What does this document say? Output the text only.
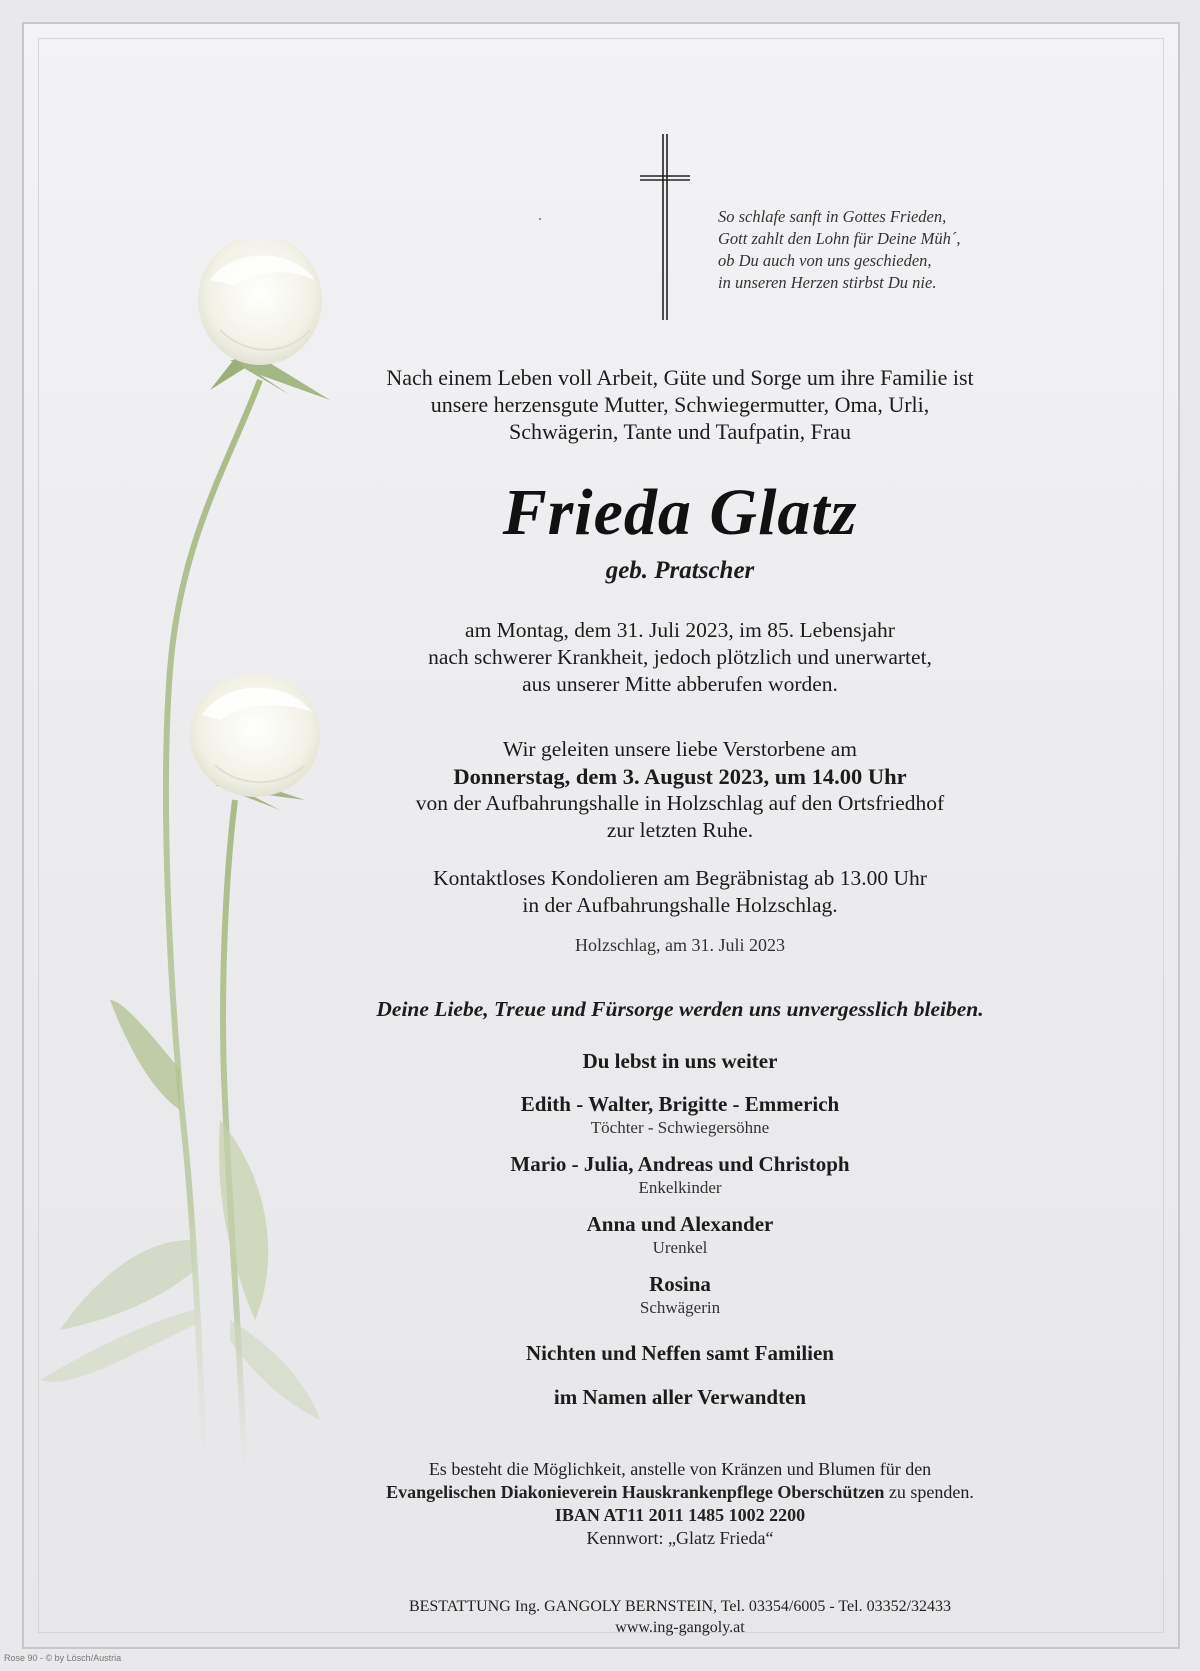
So schlafe sanft in Gottes Frieden,
Gott zahlt den Lohn für Deine Müh´,
ob Du auch von uns geschieden,
in unseren Herzen stirbst Du nie.
Nach einem Leben voll Arbeit, Güte und Sorge um ihre Familie ist
unsere herzensgute Mutter, Schwiegermutter, Oma, Urli,
Schwägerin, Tante und Taufpatin, Frau
Frieda Glatz
geb. Pratscher
am Montag, dem 31. Juli 2023, im 85. Lebensjahr
nach schwerer Krankheit, jedoch plötzlich und unerwartet,
aus unserer Mitte abberufen worden.
Wir geleiten unsere liebe Verstorbene am
Donnerstag, dem 3. August 2023, um 14.00 Uhr
von der Aufbahrungshalle in Holzschlag auf den Ortsfriedhof
zur letzten Ruhe.
Kontaktloses Kondolieren am Begräbnistag ab 13.00 Uhr
in der Aufbahrungshalle Holzschlag.
Holzschlag, am 31. Juli 2023
Deine Liebe, Treue und Fürsorge werden uns unvergesslich bleiben.
Du lebst in uns weiter
Edith - Walter, Brigitte - Emmerich
Töchter - Schwiegersöhne
Mario - Julia, Andreas und Christoph
Enkelkinder
Anna und Alexander
Urenkel
Rosina
Schwägerin
Nichten und Neffen samt Familien
im Namen aller Verwandten
Es besteht die Möglichkeit, anstelle von Kränzen und Blumen für den
Evangelischen Diakonieverein Hauskrankenpflege Oberschützen zu spenden.
IBAN AT11 2011 1485 1002 2200
Kennwort: „Glatz Frieda“
BESTATTUNG Ing. GANGOLY BERNSTEIN, Tel. 03354/6005 - Tel. 03352/32433
www.ing-gangoly.at
Rose 90 - © by Lösch/Austria
